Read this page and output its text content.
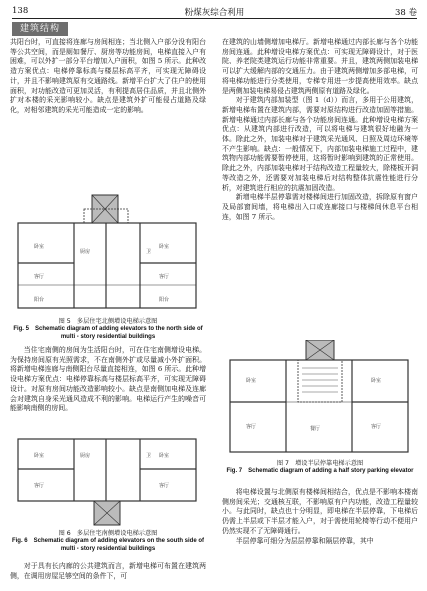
138	粉煤灰综合利用	38 卷
建筑结构

共阳台时，可直接将连廊与房间相连；当北侧入户部分没有阳台等公共空间，而是厕如餐厅、厨房等功能房间，电梯直接入户有困难，可以外扩一部分平台增加入户面积，如图 5 所示。此种改造方案优点：电梯停靠标高与楼层标高平齐，可实现无障碍设计，并且不影响建筑原有交通路线。新增平台扩大了住户的使用面积，对功能改造可更加灵活，有利提高居住品质，并且北侧外扩对本楼的采光影响较小。缺点是建筑外扩可能侵占道路及绿化，对相邻建筑的采光可能造成一定的影响。

卧室	卧室
客厅	客厅
厨房	卫
阳台	阳台
图 5　多层住宅北侧增设电梯示意图
Fig. 5　Schematic diagram of adding elevators to the north side of multi - story residential buildings

当住宅南侧的房间为生活阳台时，可在住宅南侧增设电梯。为保持房间原有光照需求，不在南侧外扩或尽量减小外扩面积。将新增电梯连廊与南侧阳台尽量直接相连，如图 6 所示。此种增设电梯方案优点：电梯停靠标高与楼层标高平齐，可实现无障碍设计。对原有房间功能改造影响较小。缺点是南侧加电梯及连廊会对建筑自身采光通风造成不利的影响。电梯运行产生的噪音可能影响南侧的房间。

卧室	卧室
客厅	客厅
厨房	卫
图 6　多层住宅南侧增设电梯示意图
Fig. 6　Schematic diagram of adding elevators on the south side of multi - story residential buildings

对于具有长内廊的公共建筑而言，新增电梯可布置在建筑两侧，在调用房屋足够空间的条件下，可

在建筑的山墙侧增加电梯厅。新增电梯通过内部长廊与各个功能房间连通。此种增设电梯方案优点：可实现无障碍设计，对于医院、养老院类建筑运行功能非常重要。并且，建筑两侧加装电梯可以扩大缓解内部的交通压力。由于建筑两侧增加多部电梯，可将电梯功能进行分类使用，专梯专用进一步提高使用效率。缺点是两侧加装电梯易侵占建筑两侧原有道路及绿化。

对于建筑内部加装型（图 1（d））而言，多用于公用建筑，新增电梯布置在建筑内部，需要对原结构进行改造加固等措施。新增电梯通过内部长廊与各个功能房间连通。此种增设电梯方案优点：从建筑内部进行改造，可以将电梯与建筑很好地融为一体。除此之外，加装电梯对于建筑采光通风、日照及周边环境等不产生影响。缺点：一般情况下，内部加装电梯施工过程中，建筑物内部功能需要暂停使用，这将暂时影响到建筑的正常使用。除此之外，内部加装电梯对于结构改造工程量较大，除楼板开洞等改造之外，还需要对加装电梯后对结构整体抗震性能进行分析，对建筑进行相应的抗震加固改造。

新增电梯半层停靠需对楼梯间进行加固改造，拆除原有窗户及局部窗间墙，将电梯出入口或连廊接口与楼梯间休息平台相连，如图 7 所示。

卧室	卧室
客厅	客厅
餐厅
图 7　增设半层停靠电梯示意图
Fig. 7　Schematic diagram of adding a half story parking elevator

将电梯设置与北侧原有楼梯间相结合，优点是不影响本楼南侧房间采光；交通核互联，不影响原有户内功能，改造工程量较小。与此同时，缺点也十分明显，即电梯在半层停靠，下电梯后仍需上半层或下半层才能入户，对于需使用轮椅等行动不便用户仍然实现不了无障碍通行。

半层停靠可细分为层层停靠和隔层停靠，其中
